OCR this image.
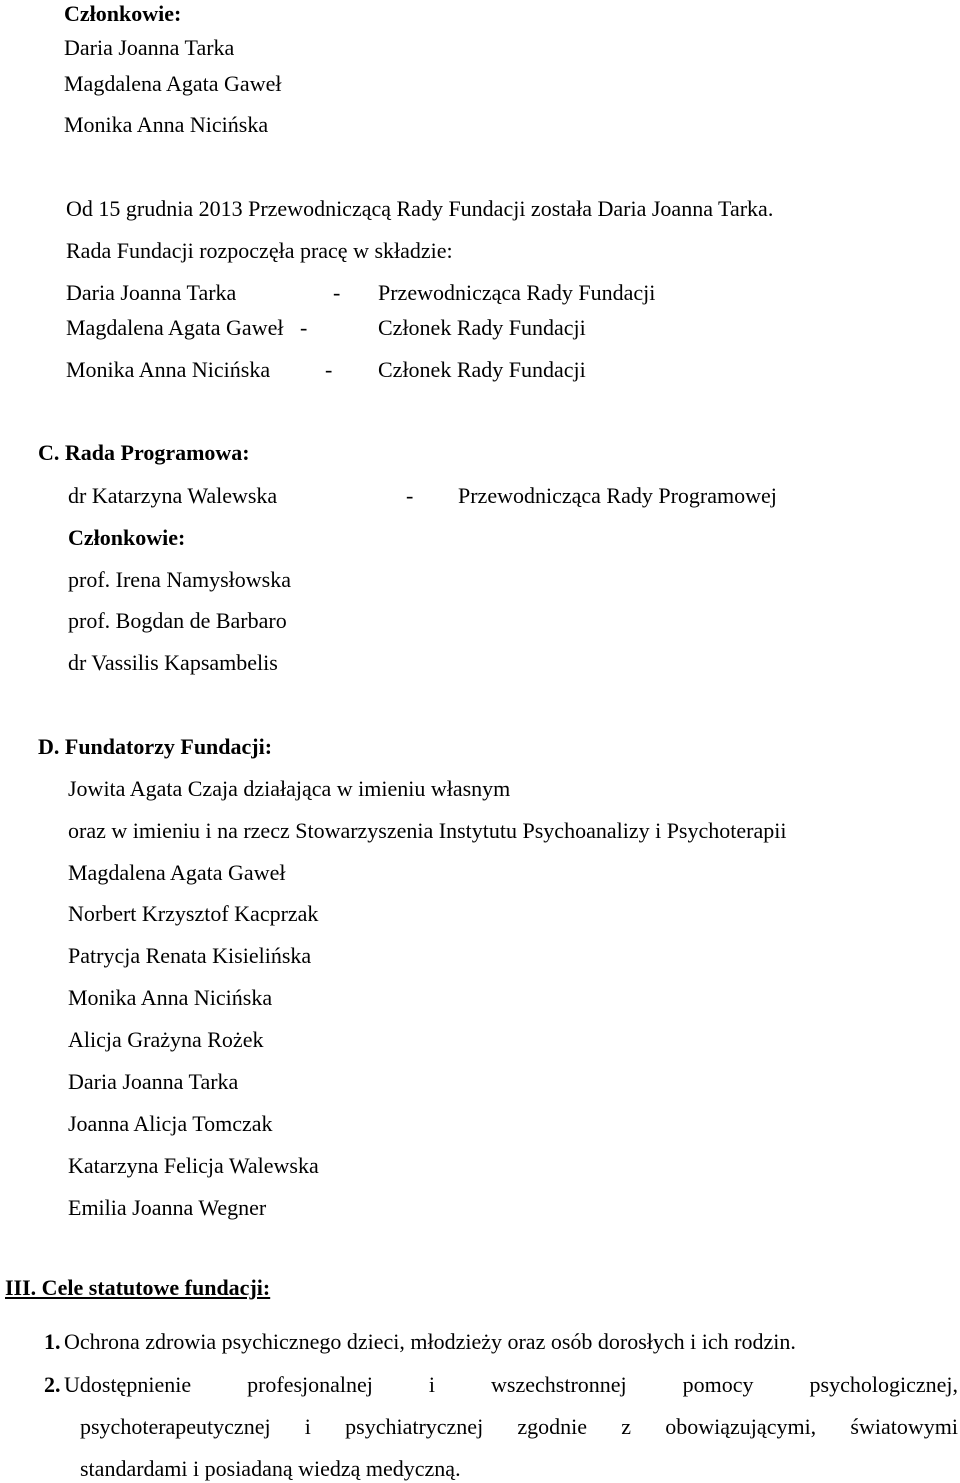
Członkowie:
Daria Joanna Tarka
Magdalena Agata Gaweł
Monika Anna Nicińska
Od 15 grudnia 2013 Przewodniczącą Rady Fundacji została Daria Joanna Tarka.
Rada Fundacji rozpoczęła pracę w składzie:
Daria Joanna Tarka	- Przewodnicząca Rady Fundacji
Magdalena Agata Gaweł -	Członek Rady Fundacji
Monika Anna Nicińska - Członek Rady Fundacji
C. Rada Programowa:
dr Katarzyna Walewska	- Przewodnicząca Rady Programowej
Członkowie:
prof. Irena Namysłowska
prof. Bogdan de Barbaro
dr Vassilis Kapsambelis
D. Fundatorzy Fundacji:
Jowita Agata Czaja działająca w imieniu własnym
oraz w imieniu i na rzecz Stowarzyszenia Instytutu Psychoanalizy i Psychoterapii
Magdalena Agata Gaweł
Norbert Krzysztof Kacprzak
Patrycja Renata Kisielińska
Monika Anna Nicińska
Alicja Grażyna Rożek
Daria Joanna Tarka
Joanna Alicja Tomczak
Katarzyna Felicja Walewska
Emilia Joanna Wegner
III. Cele statutowe fundacji:
1. Ochrona zdrowia psychicznego dzieci, młodzieży oraz osób dorosłych i ich rodzin.
2. Udostępnienie	profesjonalnej	i	wszechstronnej	pomocy	psychologicznej,
psychoterapeutycznej i psychiatrycznej zgodnie z obowiązującymi, światowymi
standardami i posiadaną wiedzą medyczną.
